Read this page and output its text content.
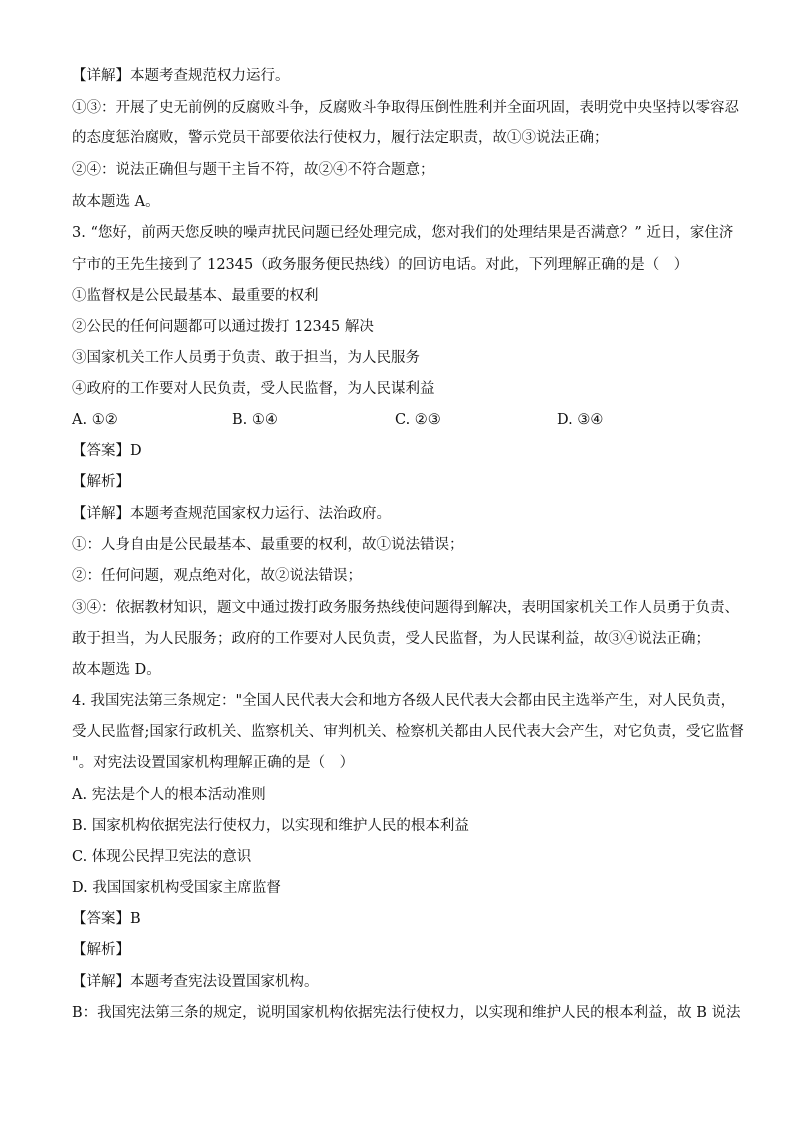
【详解】本题考查规范权力运行。
①③：开展了史无前例的反腐败斗争，反腐败斗争取得压倒性胜利并全面巩固，表明党中央坚持以零容忍
的态度惩治腐败，警示党员干部要依法行使权力，履行法定职责，故①③说法正确；
②④：说法正确但与题干主旨不符，故②④不符合题意；
故本题选 A。
3. “您好，前两天您反映的噪声扰民问题已经处理完成，您对我们的处理结果是否满意？” 近日，家住济
宁市的王先生接到了 12345（政务服务便民热线）的回访电话。对此，下列理解正确的是（　）
①监督权是公民最基本、最重要的权利
②公民的任何问题都可以通过拨打 12345 解决
③国家机关工作人员勇于负责、敢于担当，为人民服务
④政府的工作要对人民负责，受人民监督，为人民谋利益
A. ①②	B. ①④	C. ②③	D. ③④
【答案】D
【解析】
【详解】本题考查规范国家权力运行、法治政府。
①：人身自由是公民最基本、最重要的权利，故①说法错误；
②：任何问题，观点绝对化，故②说法错误；
③④：依据教材知识，题文中通过拨打政务服务热线使问题得到解决，表明国家机关工作人员勇于负责、
敢于担当，为人民服务；政府的工作要对人民负责，受人民监督，为人民谋利益，故③④说法正确；
故本题选 D。
4. 我国宪法第三条规定："全国人民代表大会和地方各级人民代表大会都由民主选举产生，对人民负责，
受人民监督;国家行政机关、监察机关、审判机关、检察机关都由人民代表大会产生，对它负责，受它监督
"。对宪法设置国家机构理解正确的是（　）
A. 宪法是个人的根本活动准则
B. 国家机构依据宪法行使权力，以实现和维护人民的根本利益
C. 体现公民捍卫宪法的意识
D. 我国国家机构受国家主席监督
【答案】B
【解析】
【详解】本题考查宪法设置国家机构。
B：我国宪法第三条的规定，说明国家机构依据宪法行使权力，以实现和维护人民的根本利益，故 B 说法
